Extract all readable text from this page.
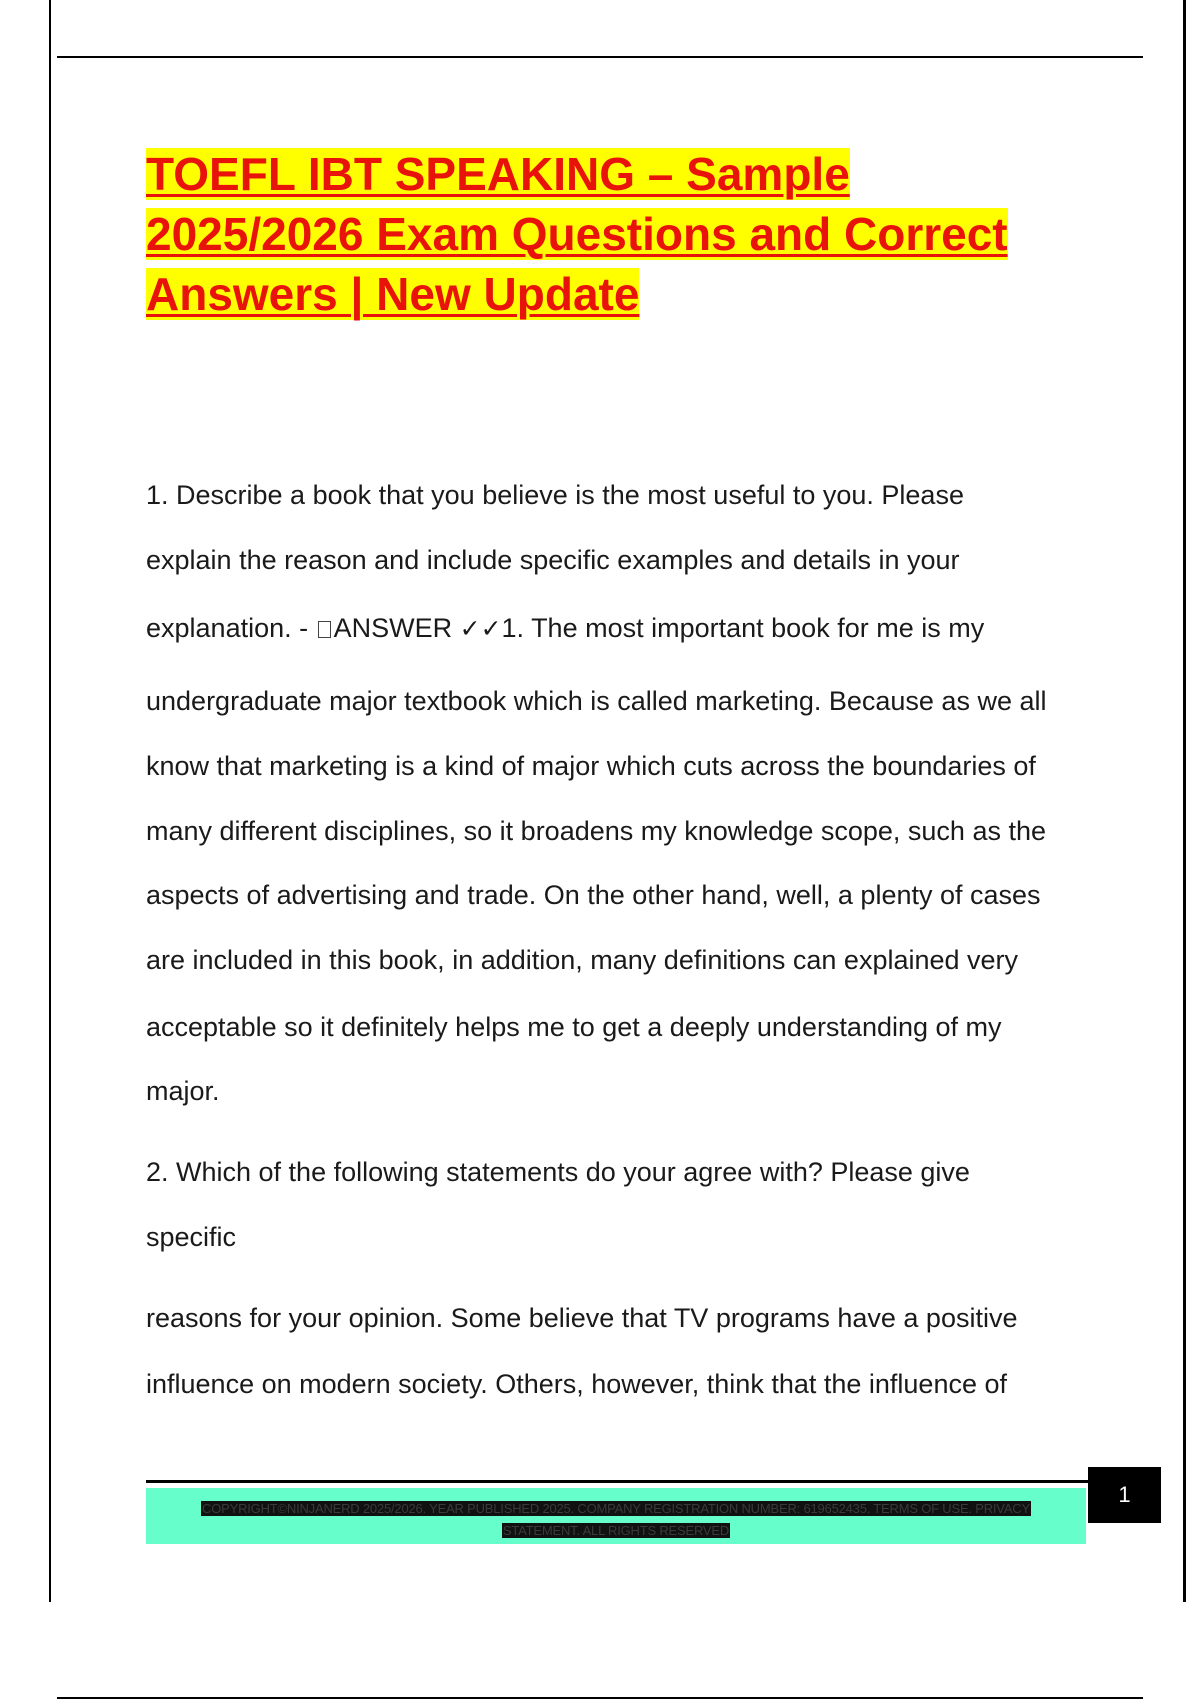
TOEFL IBT SPEAKING – Sample
2025/2026 Exam Questions and Correct
Answers | New Update

1. Describe a book that you believe is the most useful to you. Please

explain the reason and include specific examples and details in your

explanation. - ANSWER ✓✓1. The most important book for me is my

undergraduate major textbook which is called marketing. Because as we all

know that marketing is a kind of major which cuts across the boundaries of

many different disciplines, so it broadens my knowledge scope, such as the

aspects of advertising and trade. On the other hand, well, a plenty of cases

are included in this book, in addition, many definitions can explained very

acceptable so it definitely helps me to get a deeply understanding of my

major.

2. Which of the following statements do your agree with? Please give

specific

reasons for your opinion. Some believe that TV programs have a positive

influence on modern society. Others, however, think that the influence of

COPYRIGHT©NINJANERD 2025/2026. YEAR PUBLISHED 2025. COMPANY REGISTRATION NUMBER: 619652435. TERMS OF USE. PRIVACY
STATEMENT. ALL RIGHTS RESERVED
1
